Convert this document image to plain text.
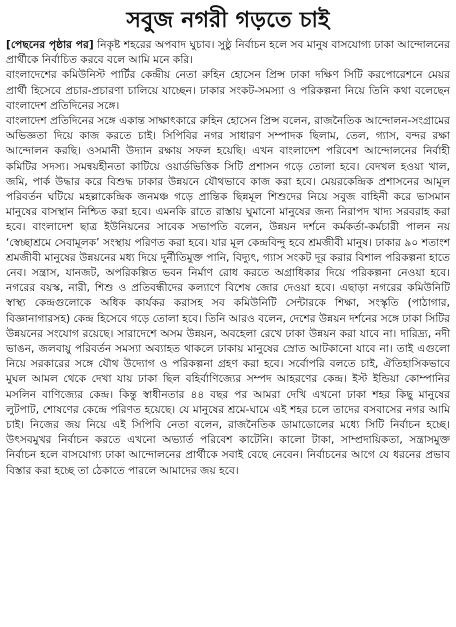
সবুজ নগরী গড়তে চাই

[পেছনের পৃষ্ঠার পর] নিকৃষ্ট শহরের অপবাদ ঘুচাব। সুষ্ঠু নির্বাচন হলে সব মানুষ বাসযোগ্য ঢাকা আন্দোলনের প্রার্থীকে নির্বাচিত করবে বলে আমি মনে করি।

বাংলাদেশের কমিউনিস্ট পার্টির কেন্দ্রীয় নেতা রুহিন হোসেন প্রিন্স ঢাকা দক্ষিণ সিটি করপোরেশনে মেয়র প্রার্থী হিসেবে প্রচার-প্রচারণা চালিয়ে যাচ্ছেন। ঢাকার সংকট-সমস্যা ও পরিকল্পনা নিয়ে তিনি কথা বলেছেন বাংলাদেশ প্রতিদিনের সঙ্গে।

বাংলাদেশ প্রতিদিনের সঙ্গে একান্ত সাক্ষাৎকারে রুহিন হোসেন প্রিন্স বলেন, রাজনৈতিক আন্দোলন-সংগ্রামের অভিজ্ঞতা দিয়ে কাজ করতে চাই। সিপিবির নগর সাধারণ সম্পাদক ছিলাম, তেল, গ্যাস, বন্দর রক্ষা আন্দোলন করছি। ওসমানী উদ্যান রক্ষায় সফল হয়েছি। এখন বাংলাদেশ পরিবেশ আন্দোলনের নির্বাহী কমিটির সদস্য। সমন্বয়হীনতা কাটিয়ে ওয়ার্ডভিত্তিক সিটি প্রশাসন গড়ে তোলা হবে। বেদখল হওয়া খাল, জমি, পার্ক উদ্ধার করে বিশুদ্ধ ঢাকার উন্নয়নে যৌথভাবে কাজ করা হবে। মেয়রকেন্দ্রিক প্রশাসনের আমূল পরিবর্তন ঘটিয়ে মহল্লাকেন্দ্রিক জনমঞ্চ গড়ে প্রান্তিক ছিন্নমূল শিশুদের নিয়ে সবুজ বাহিনী করে ভাসমান মানুষের বাসস্থান নিশ্চিত করা হবে। এমনকি রাতে রাস্তায় ঘুমানো মানুষের জন্য নিরাপদ খাদ্য সরবরাহ করা হবে। বাংলাদেশ ছাত্র ইউনিয়নের সাবেক সভাপতি বলেন, উন্নয়ন দর্শনে কর্মকর্তা-কর্মচারী পালন নয় ‘স্বেচ্ছাশ্রমে সেবামূলক’ সংস্থায় পরিণত করা হবে। যার মূল কেন্দ্রবিন্দু হবে শ্রমজীবী মানুষ। ঢাকার ৯০ শতাংশ শ্রমজীবী মানুষের উন্নয়নের মধ্য দিয়ে দুর্নীতিমুক্ত পানি, বিদ্যুৎ, গ্যাস সংকট দূর করার বিশাল পরিকল্পনা হাতে নেব। সন্ত্রাস, যানজট, অপরিকল্পিত ভবন নির্মাণ রোধ করতে অগ্রাধিকার দিয়ে পরিকল্পনা নেওয়া হবে। নগরের বয়স্ক, নারী, শিশু ও প্রতিবন্ধীদের কল্যাণে বিশেষ জোর দেওয়া হবে। এছাড়া নগরের কমিউনিটি স্বাস্থ্য কেন্দ্রগুলোকে অধিক কার্যকর করাসহ সব কমিউনিটি সেন্টারকে শিক্ষা, সংস্কৃতি (পাঠাগার, বিজ্ঞানাগারসহ) কেন্দ্র হিসেবে গড়ে তোলা হবে। তিনি আরও বলেন, দেশের উন্নয়ন দর্শনের সঙ্গে ঢাকা সিটির উন্নয়নের সংযোগ রয়েছে। সারাদেশে অসম উন্নয়ন, অবহেলা রেখে ঢাকা উন্নয়ন করা যাবে না। দারিদ্র্য, নদী ভাঙন, জলবায়ু পরিবর্তন সমস্যা অব্যাহত থাকলে ঢাকায় মানুষের স্রোত আটকানো যাবে না। তাই এগুলো নিয়ে সরকারের সঙ্গে যৌথ উদ্যোগ ও পরিকল্পনা গ্রহণ করা হবে। সর্বোপরি বলতে চাই, ঐতিহাসিকভাবে মুঘল আমল থেকে দেখা যায় ঢাকা ছিল বহির্বাণিজ্যের সম্পদ আহরণের কেন্দ্র। ইস্ট ইন্ডিয়া কোম্পানির মসলিন বাণিজ্যের কেন্দ্র। কিন্তু স্বাধীনতার ৪৪ বছর পর আমরা দেখি এখনো ঢাকা শহর কিছু মানুষের লুটপাট, শোষণের কেন্দ্রে পরিণত হয়েছে। যে মানুষের শ্রমে-ঘামে এই শহর চলে তাদের বসবাসের নগর আমি চাই। নিজের জয় নিয়ে এই সিপিবি নেতা বলেন, রাজনৈতিক ডামাডোলের মধ্যে সিটি নির্বাচন হচ্ছে। উৎসবমুখর নির্বাচন করতে এখনো অভ্যার্ত পরিবেশ কাটেনি। কালো টাকা, সাম্প্রদায়িকতা, সন্ত্রাসমুক্ত নির্বাচন হলে বাসযোগ্য ঢাকা আন্দোলনের প্রার্থীকে সবাই বেছে নেবেন। নির্বাচনের আগে যে ধরনের প্রভাব বিস্তার করা হচ্ছে তা ঠেকাতে পারলে আমাদের জয় হবে।
